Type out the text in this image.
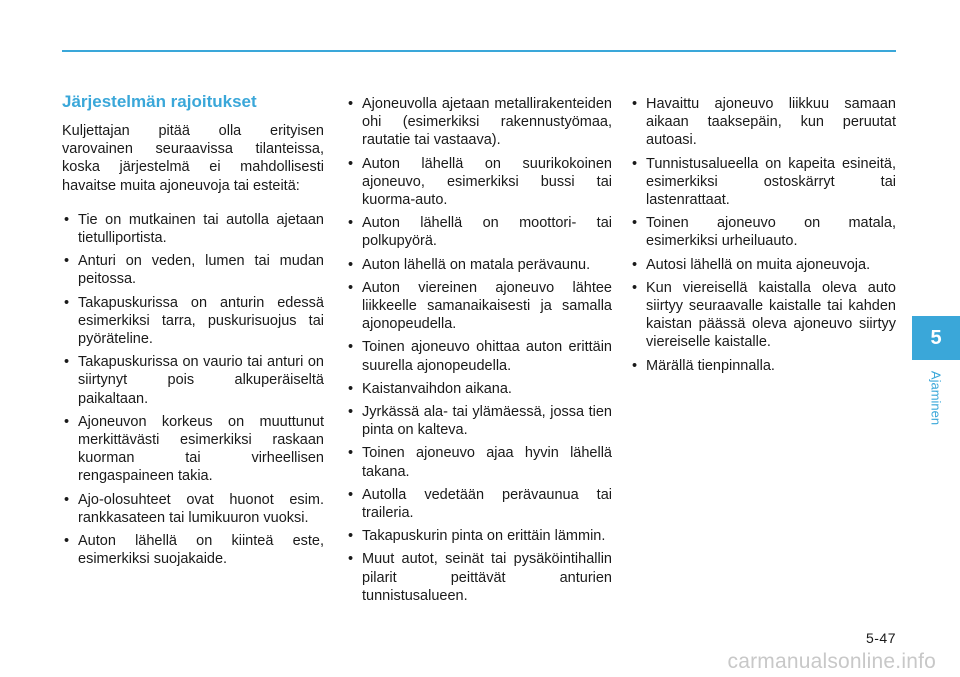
Järjestelmän rajoitukset

Kuljettajan pitää olla erityisen varovainen seuraavissa tilanteissa, koska järjestelmä ei mahdollisesti havaitse muita ajoneuvoja tai esteitä:

• Tie on mutkainen tai autolla ajetaan tietulliportista.
• Anturi on veden, lumen tai mudan peitossa.
• Takapuskurissa on anturin edessä esimerkiksi tarra, puskurisuojus tai pyöräteline.
• Takapuskurissa on vaurio tai anturi on siirtynyt pois alkuperäiseltä paikaltaan.
• Ajoneuvon korkeus on muuttunut merkittävästi esimerkiksi raskaan kuorman tai virheellisen rengaspaineen takia.
• Ajo-olosuhteet ovat huonot esim. rankkasateen tai lumikuuron vuoksi.
• Auton lähellä on kiinteä este, esimerkiksi suojakaide.
• Ajoneuvolla ajetaan metallirakenteiden ohi (esimerkiksi rakennustyömaa, rautatie tai vastaava).
• Auton lähellä on suurikokoinen ajoneuvo, esimerkiksi bussi tai kuorma-auto.
• Auton lähellä on moottori- tai polkupyörä.
• Auton lähellä on matala perävaunu.
• Auton viereinen ajoneuvo lähtee liikkeelle samanaikaisesti ja samalla ajonopeudella.
• Toinen ajoneuvo ohittaa auton erittäin suurella ajonopeudella.
• Kaistanvaihdon aikana.
• Jyrkässä ala- tai ylämäessä, jossa tien pinta on kalteva.
• Toinen ajoneuvo ajaa hyvin lähellä takana.
• Autolla vedetään perävaunua tai traileria.
• Takapuskurin pinta on erittäin lämmin.
• Muut autot, seinät tai pysäköintihallin pilarit peittävät anturien tunnistusalueen.
• Havaittu ajoneuvo liikkuu samaan aikaan taaksepäin, kun peruutat autoasi.
• Tunnistusalueella on kapeita esineitä, esimerkiksi ostoskärryt tai lastenrattaat.
• Toinen ajoneuvo on matala, esimerkiksi urheiluauto.
• Autosi lähellä on muita ajoneuvoja.
• Kun viereisellä kaistalla oleva auto siirtyy seuraavalle kaistalle tai kahden kaistan päässä oleva ajoneuvo siirtyy viereiselle kaistalle.
• Märällä tienpinnalla.
5
Ajaminen
5-47
carmanualsonline.info
